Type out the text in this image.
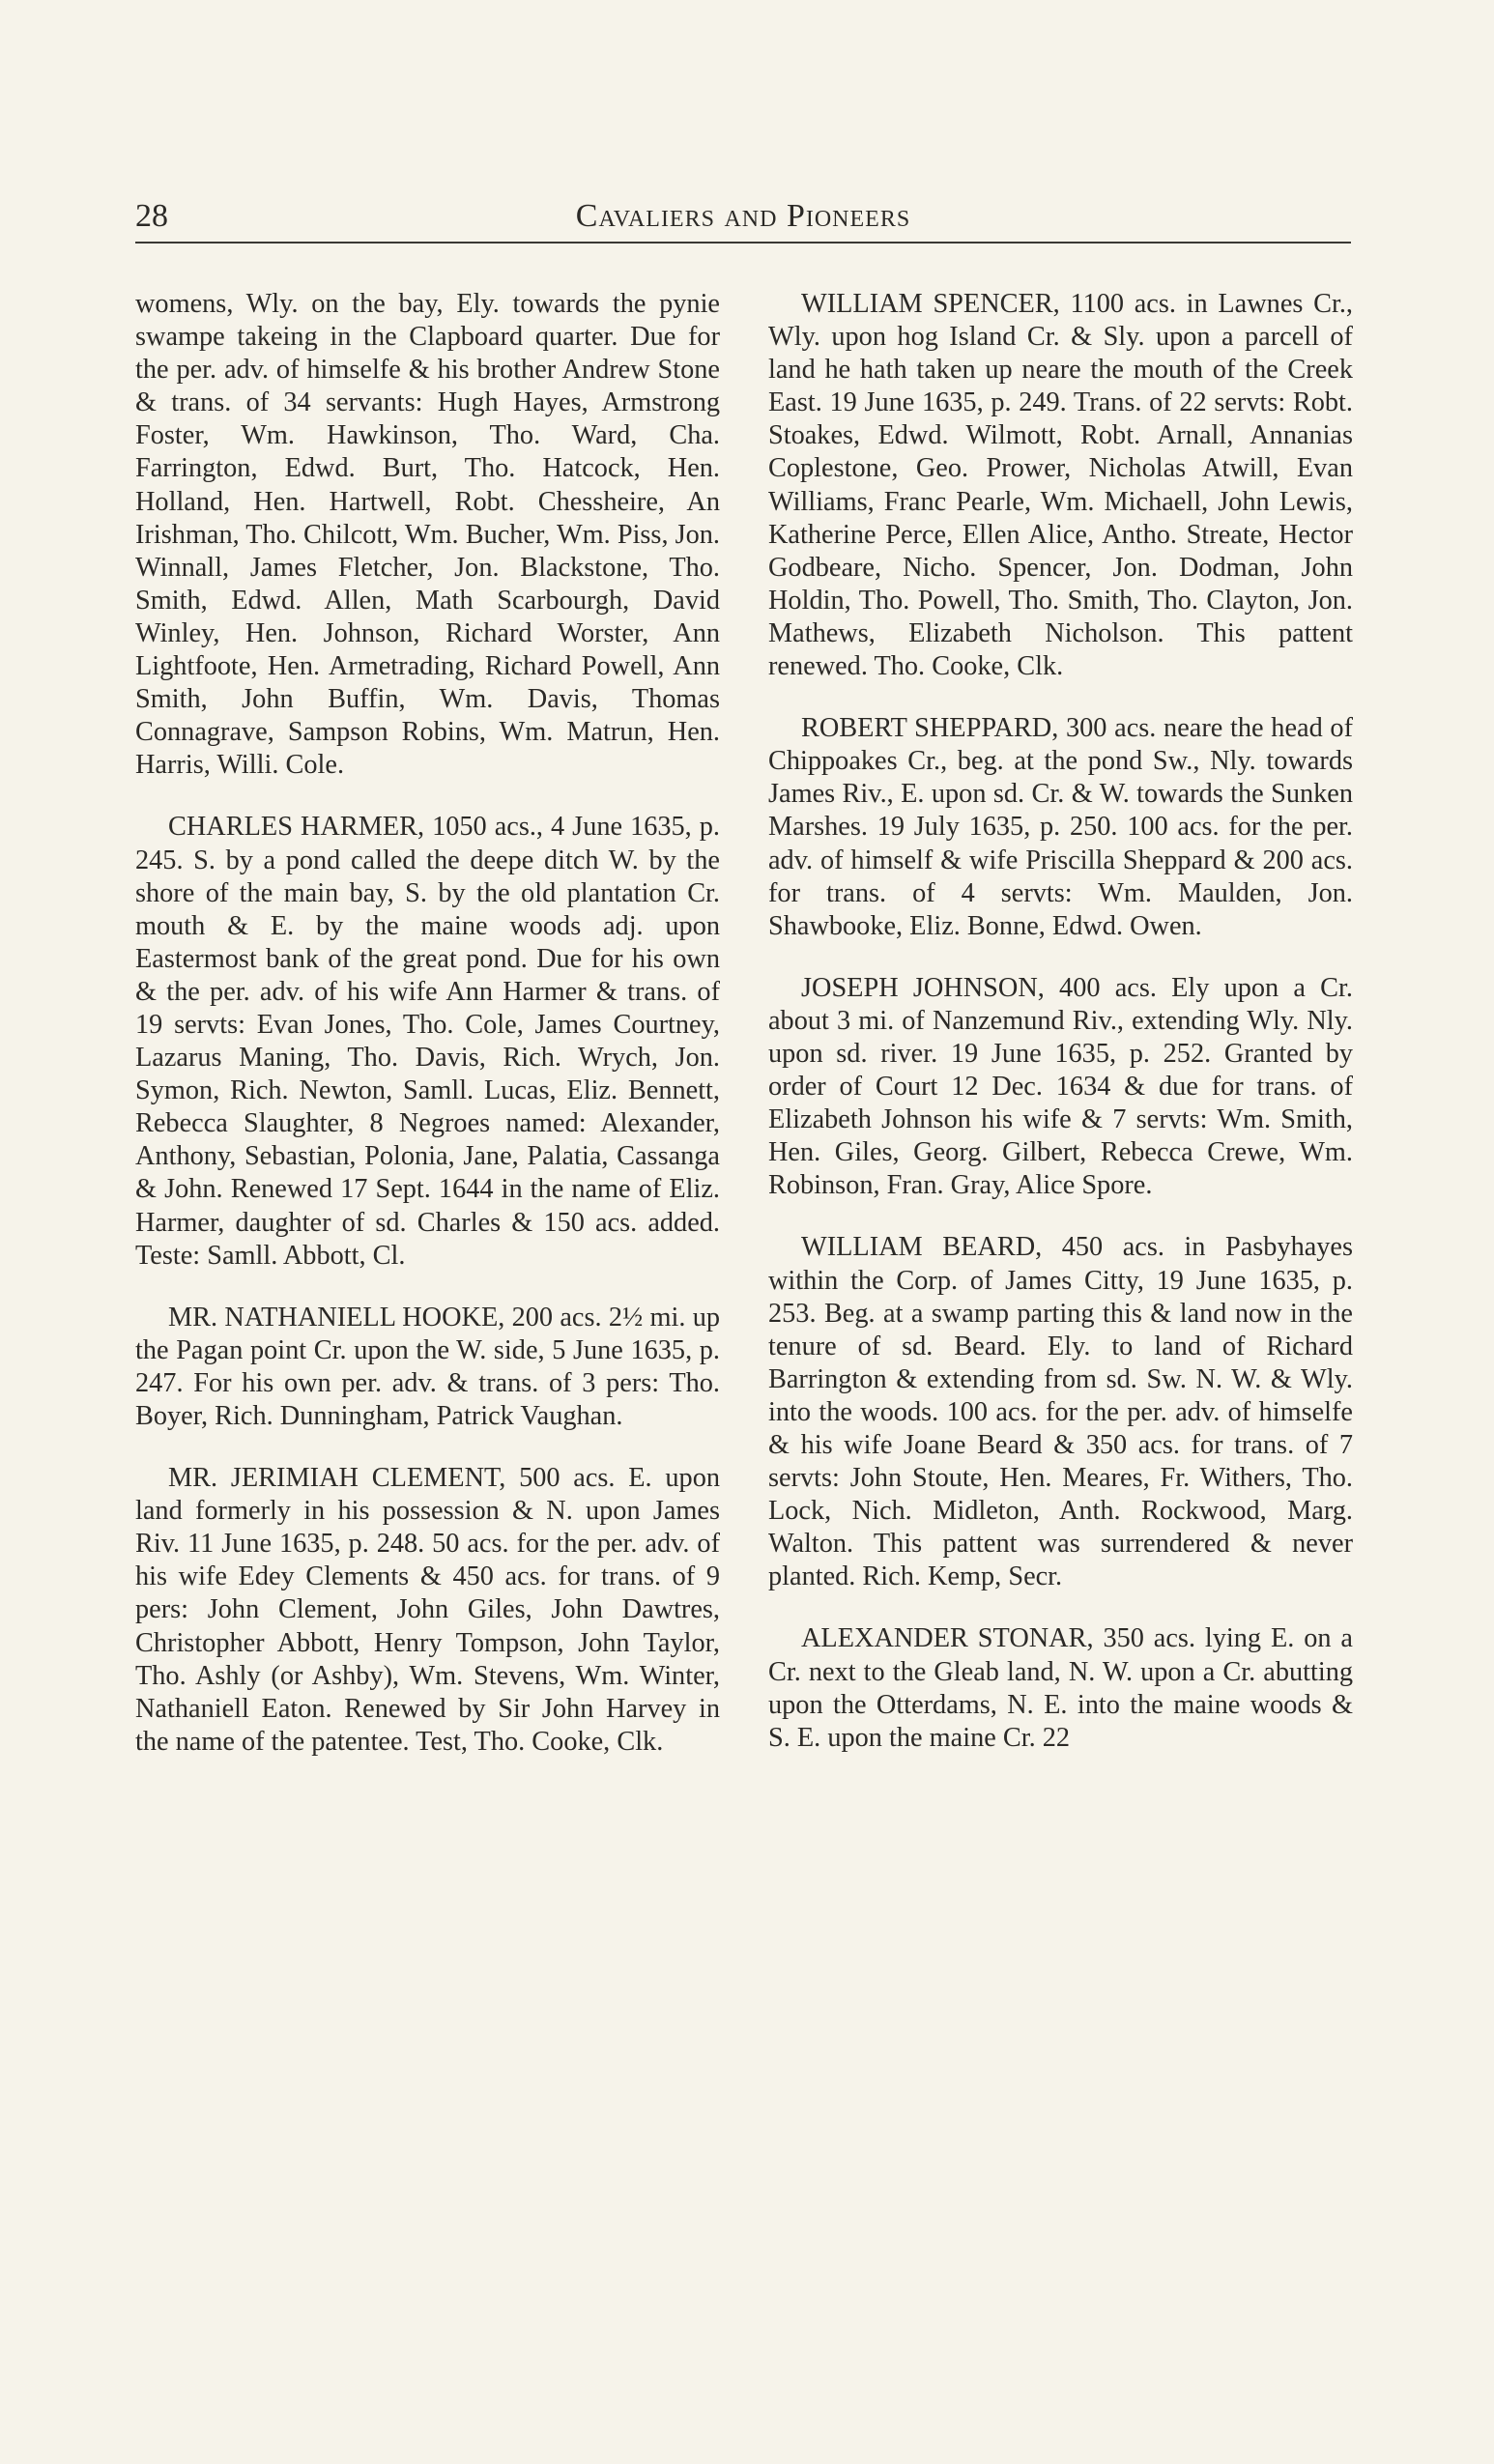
28	Cavaliers and Pioneers

womens, Wly. on the bay, Ely. towards the pynie swampe takeing in the Clapboard quarter. Due for the per. adv. of himselfe & his brother Andrew Stone & trans. of 34 servants: Hugh Hayes, Armstrong Foster, Wm. Hawkinson, Tho. Ward, Cha. Farrington, Edwd. Burt, Tho. Hatcock, Hen. Holland, Hen. Hartwell, Robt. Chessheire, An Irishman, Tho. Chilcott, Wm. Bucher, Wm. Piss, Jon. Winnall, James Fletcher, Jon. Blackstone, Tho. Smith, Edwd. Allen, Math Scarbourgh, David Winley, Hen. Johnson, Richard Worster, Ann Lightfoote, Hen. Armetrading, Richard Powell, Ann Smith, John Buffin, Wm. Davis, Thomas Connagrave, Sampson Robins, Wm. Matrun, Hen. Harris, Willi. Cole.

CHARLES HARMER, 1050 acs., 4 June 1635, p. 245. S. by a pond called the deepe ditch W. by the shore of the main bay, S. by the old plantation Cr. mouth & E. by the maine woods adj. upon Eastermost bank of the great pond. Due for his own & the per. adv. of his wife Ann Harmer & trans. of 19 servts: Evan Jones, Tho. Cole, James Courtney, Lazarus Maning, Tho. Davis, Rich. Wrych, Jon. Symon, Rich. Newton, Samll. Lucas, Eliz. Bennett, Rebecca Slaughter, 8 Negroes named: Alexander, Anthony, Sebastian, Polonia, Jane, Palatia, Cassanga & John. Renewed 17 Sept. 1644 in the name of Eliz. Harmer, daughter of sd. Charles & 150 acs. added. Teste: Samll. Abbott, Cl.

MR. NATHANIELL HOOKE, 200 acs. 2½ mi. up the Pagan point Cr. upon the W. side, 5 June 1635, p. 247. For his own per. adv. & trans. of 3 pers: Tho. Boyer, Rich. Dunningham, Patrick Vaughan.

MR. JERIMIAH CLEMENT, 500 acs. E. upon land formerly in his possession & N. upon James Riv. 11 June 1635, p. 248. 50 acs. for the per. adv. of his wife Edey Clements & 450 acs. for trans. of 9 pers: John Clement, John Giles, John Dawtres, Christopher Abbott, Henry Tompson, John Taylor, Tho. Ashly (or Ashby), Wm. Stevens, Wm. Winter, Nathaniell Eaton. Renewed by Sir John Harvey in the name of the patentee. Test, Tho. Cooke, Clk.

WILLIAM SPENCER, 1100 acs. in Lawnes Cr., Wly. upon hog Island Cr. & Sly. upon a parcell of land he hath taken up neare the mouth of the Creek East. 19 June 1635, p. 249. Trans. of 22 servts: Robt. Stoakes, Edwd. Wilmott, Robt. Arnall, Annanias Coplestone, Geo. Prower, Nicholas Atwill, Evan Williams, Franc Pearle, Wm. Michaell, John Lewis, Katherine Perce, Ellen Alice, Antho. Streate, Hector Godbeare, Nicho. Spencer, Jon. Dodman, John Holdin, Tho. Powell, Tho. Smith, Tho. Clayton, Jon. Mathews, Elizabeth Nicholson. This pattent renewed. Tho. Cooke, Clk.

ROBERT SHEPPARD, 300 acs. neare the head of Chippoakes Cr., beg. at the pond Sw., Nly. towards James Riv., E. upon sd. Cr. & W. towards the Sunken Marshes. 19 July 1635, p. 250. 100 acs. for the per. adv. of himself & wife Priscilla Sheppard & 200 acs. for trans. of 4 servts: Wm. Maulden, Jon. Shawbooke, Eliz. Bonne, Edwd. Owen.

JOSEPH JOHNSON, 400 acs. Ely upon a Cr. about 3 mi. of Nanzemund Riv., extending Wly. Nly. upon sd. river. 19 June 1635, p. 252. Granted by order of Court 12 Dec. 1634 & due for trans. of Elizabeth Johnson his wife & 7 servts: Wm. Smith, Hen. Giles, Georg. Gilbert, Rebecca Crewe, Wm. Robinson, Fran. Gray, Alice Spore.

WILLIAM BEARD, 450 acs. in Pasbyhayes within the Corp. of James Citty, 19 June 1635, p. 253. Beg. at a swamp parting this & land now in the tenure of sd. Beard. Ely. to land of Richard Barrington & extending from sd. Sw. N. W. & Wly. into the woods. 100 acs. for the per. adv. of himselfe & his wife Joane Beard & 350 acs. for trans. of 7 servts: John Stoute, Hen. Meares, Fr. Withers, Tho. Lock, Nich. Midleton, Anth. Rockwood, Marg. Walton. This pattent was surrendered & never planted. Rich. Kemp, Secr.

ALEXANDER STONAR, 350 acs. lying E. on a Cr. next to the Gleab land, N. W. upon a Cr. abutting upon the Otterdams, N. E. into the maine woods & S. E. upon the maine Cr. 22
